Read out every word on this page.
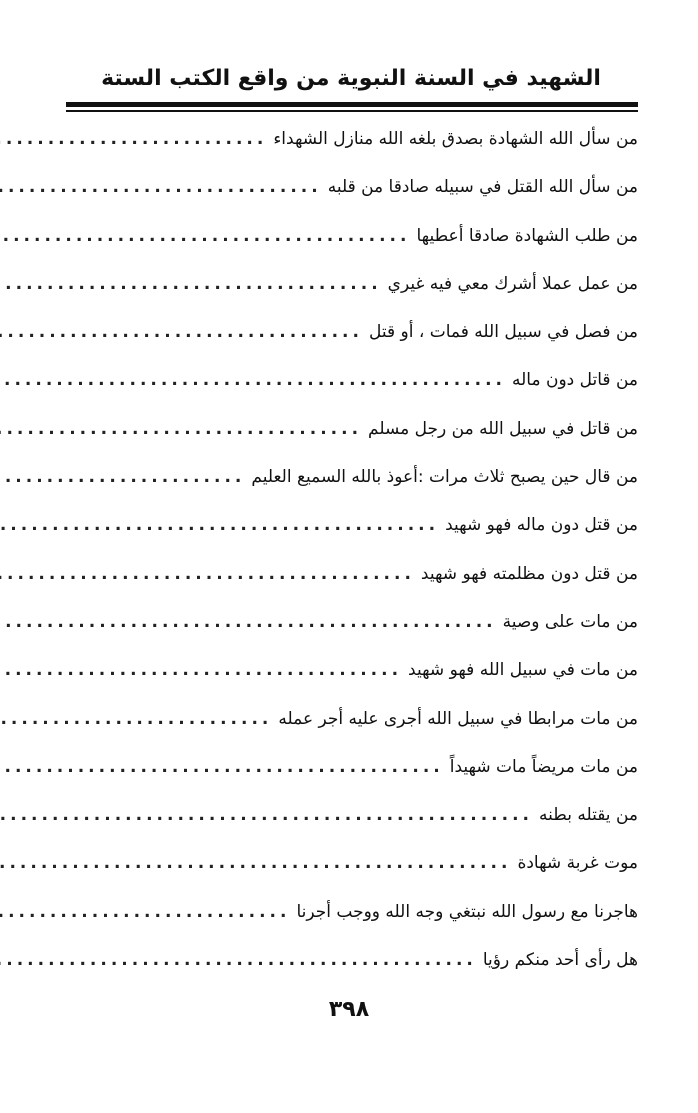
الشهيد في السنة النبوية من واقع الكتب الستة
من سأل الله الشهادة بصدق بلغه الله منازل الشهداء
.....
من سأل الله القتل في سبيله صادقا من قلبه
.....
من طلب الشهادة صادقا أعطيها
.....
من عمل عملا أشرك معي فيه غيري
.....
من فصل في سبيل الله فمات ، أو قتل
.....
من قاتل دون ماله
.....
من قاتل في سبيل الله من رجل مسلم
.....
من قال حين يصبح ثلاث مرات :أعوذ بالله السميع العليم
.....
من قتل دون ماله فهو شهيد
.....
من قتل دون مظلمته فهو شهيد
.....
من مات على وصية
.....
من مات في سبيل الله فهو شهيد
.....
من مات مرابطا في سبيل الله أجرى عليه أجر عمله
.....
من مات مريضاً مات شهيداً
.....
من يقتله بطنه
.....
موت غربة شهادة
.....
هاجرنا مع رسول الله نبتغي وجه الله ووجب أجرنا
.....
هل رأى أحد منكم رؤيا
.....
٣٩٨
